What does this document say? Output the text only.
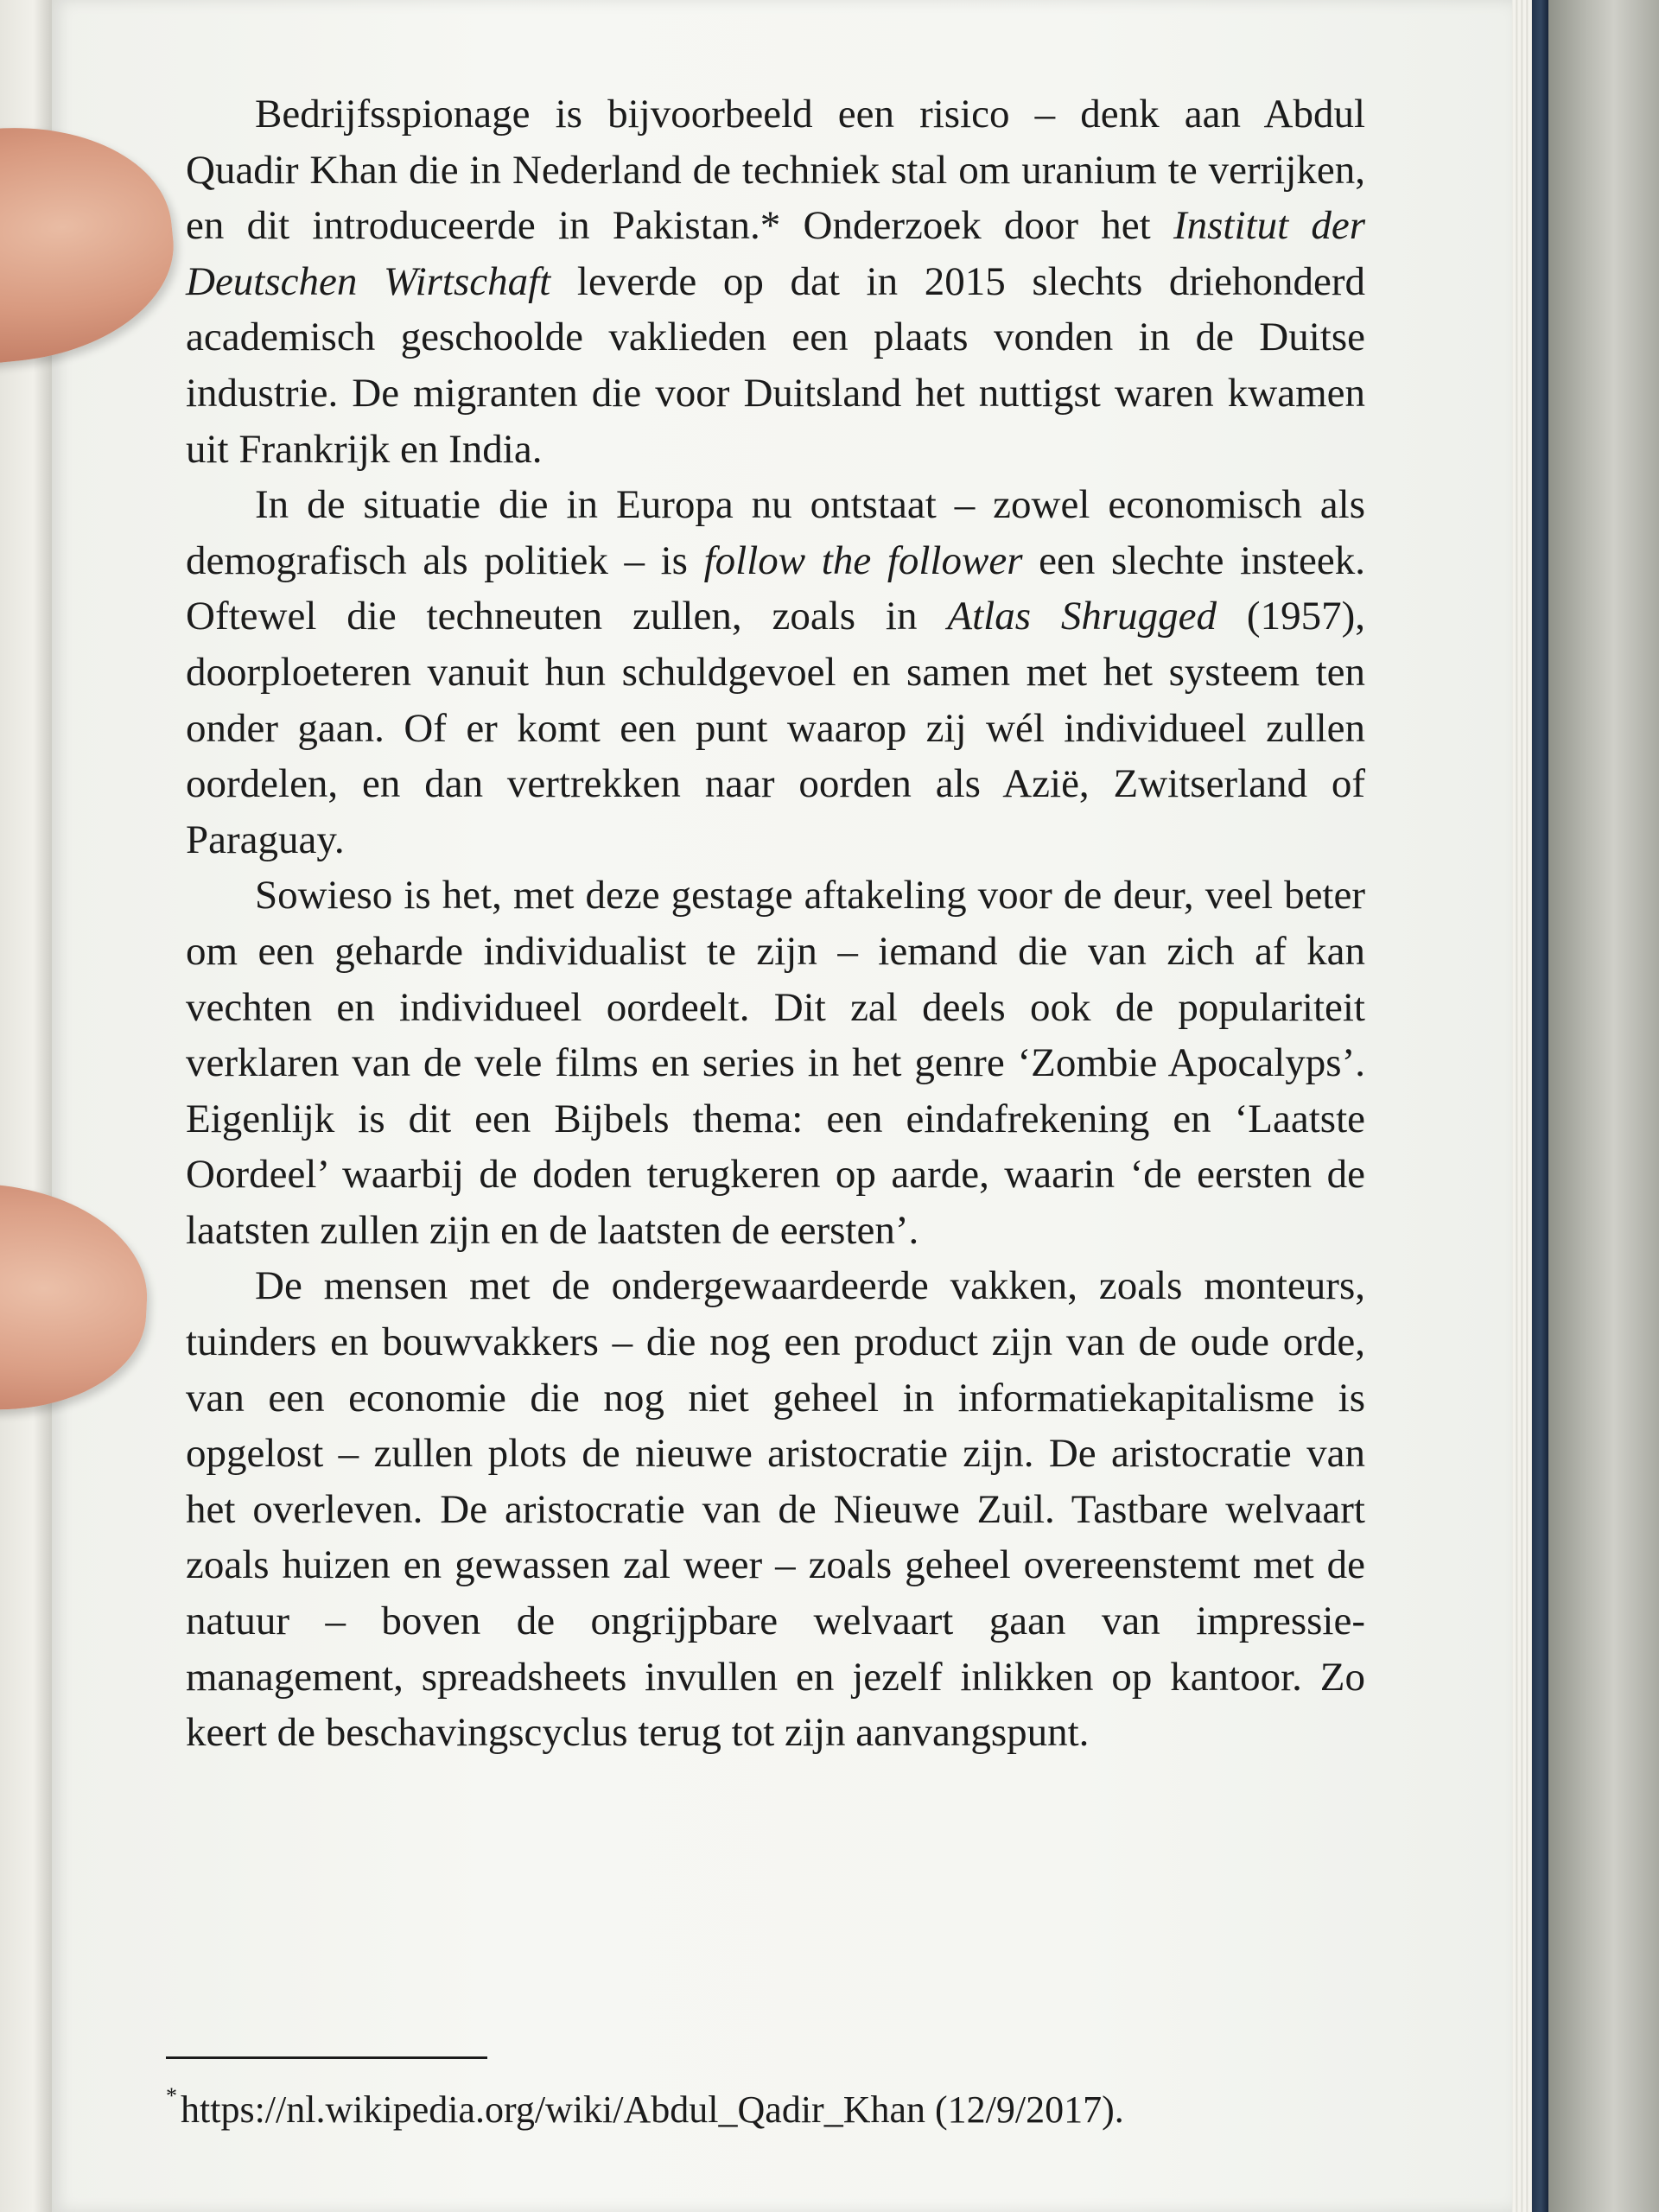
Bedrijfsspionage is bijvoorbeeld een risico – denk aan Abdul Quadir Khan die in Nederland de techniek stal om uranium te verrijken, en dit introduceerde in Pakistan.* Onderzoek door het Institut der Deutschen Wirtschaft leverde op dat in 2015 slechts driehonderd academisch geschoolde vaklieden een plaats vonden in de Duitse industrie. De migranten die voor Duitsland het nuttigst waren kwamen uit Frankrijk en India.

In de situatie die in Europa nu ontstaat – zowel economisch als demografisch als politiek – is follow the follower een slechte insteek. Oftewel die techneuten zullen, zoals in Atlas Shrugged (1957), doorploeteren vanuit hun schuldgevoel en samen met het systeem ten onder gaan. Of er komt een punt waarop zij wél individueel zullen oordelen, en dan vertrekken naar oorden als Azië, Zwitserland of Paraguay.

Sowieso is het, met deze gestage aftakeling voor de deur, veel beter om een geharde individualist te zijn – iemand die van zich af kan vechten en individueel oordeelt. Dit zal deels ook de populariteit verklaren van de vele films en series in het genre ‘Zombie Apocalyps’. Eigenlijk is dit een Bijbels thema: een eindafrekening en ‘Laatste Oordeel’ waarbij de doden terugkeren op aarde, waarin ‘de eersten de laatsten zullen zijn en de laatsten de eersten’.

De mensen met de ondergewaardeerde vakken, zoals monteurs, tuinders en bouwvakkers – die nog een product zijn van de oude orde, van een economie die nog niet geheel in informatiekapitalisme is opgelost – zullen plots de nieuwe aristocratie zijn. De aristocratie van het overleven. De aristocratie van de Nieuwe Zuil. Tastbare welvaart zoals huizen en gewassen zal weer – zoals geheel overeenstemt met de natuur – boven de ongrijpbare welvaart gaan van impressie-management, spreadsheets invullen en jezelf inlikken op kantoor. Zo keert de beschavingscyclus terug tot zijn aanvangspunt.

*https://nl.wikipedia.org/wiki/Abdul_Qadir_Khan (12/9/2017).
